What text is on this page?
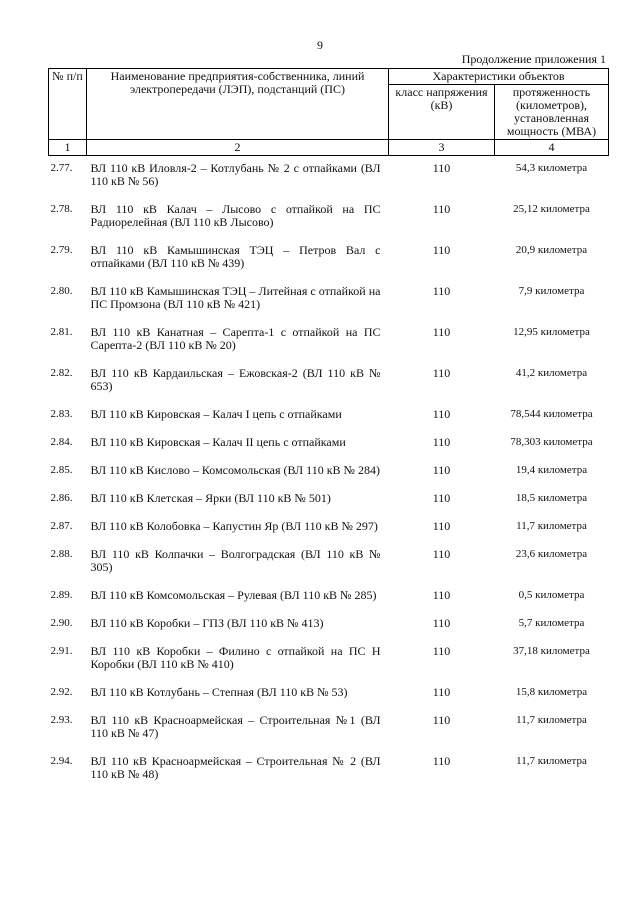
9
Продолжение приложения 1
№ п/п	Наименование предприятия-собственника, линий электропередачи (ЛЭП), подстанций (ПС)	Характеристики объектов	
		класс напряжения (кВ)	протяженность (километров), установленная мощность (МВА)
1	2	3	4
2.77.	ВЛ 110 кВ Иловля-2 – Котлубань № 2 с отпайками (ВЛ 110 кВ № 56)	110	54,3 километра
2.78.	ВЛ 110 кВ Калач – Лысово с отпайкой на ПС Радиорелейная (ВЛ 110 кВ Лысово)	110	25,12 километра
2.79.	ВЛ 110 кВ Камышинская ТЭЦ – Петров Вал с отпайками (ВЛ 110 кВ № 439)	110	20,9 километра
2.80.	ВЛ 110 кВ Камышинская ТЭЦ – Литейная с отпайкой на ПС Промзона (ВЛ 110 кВ № 421)	110	7,9 километра
2.81.	ВЛ 110 кВ Канатная – Сарепта-1 с отпайкой на ПС Сарепта-2 (ВЛ 110 кВ № 20)	110	12,95 километра
2.82.	ВЛ 110 кВ Кардаильская – Ежовская-2 (ВЛ 110 кВ № 653)	110	41,2 километра
2.83.	ВЛ 110 кВ Кировская – Калач I цепь с отпайками	110	78,544 километра
2.84.	ВЛ 110 кВ Кировская – Калач II цепь с отпайками	110	78,303 километра
2.85.	ВЛ 110 кВ Кислово – Комсомольская (ВЛ 110 кВ № 284)	110	19,4 километра
2.86.	ВЛ 110 кВ Клетская – Ярки (ВЛ 110 кВ № 501)	110	18,5 километра
2.87.	ВЛ 110 кВ Колобовка – Капустин Яр (ВЛ 110 кВ № 297)	110	11,7 километра
2.88.	ВЛ 110 кВ Колпачки – Волгоградская (ВЛ 110 кВ № 305)	110	23,6 километра
2.89.	ВЛ 110 кВ Комсомольская – Рулевая (ВЛ 110 кВ № 285)	110	0,5 километра
2.90.	ВЛ 110 кВ Коробки – ГПЗ (ВЛ 110 кВ № 413)	110	5,7 километра
2.91.	ВЛ 110 кВ Коробки – Филино с отпайкой на ПС Н Коробки (ВЛ 110 кВ № 410)	110	37,18 километра
2.92.	ВЛ 110 кВ Котлубань – Степная (ВЛ 110 кВ № 53)	110	15,8 километра
2.93.	ВЛ 110 кВ Красноармейская – Строительная №1 (ВЛ 110 кВ № 47)	110	11,7 километра
2.94.	ВЛ 110 кВ Красноармейская – Строительная № 2 (ВЛ 110 кВ № 48)	110	11,7 километра
